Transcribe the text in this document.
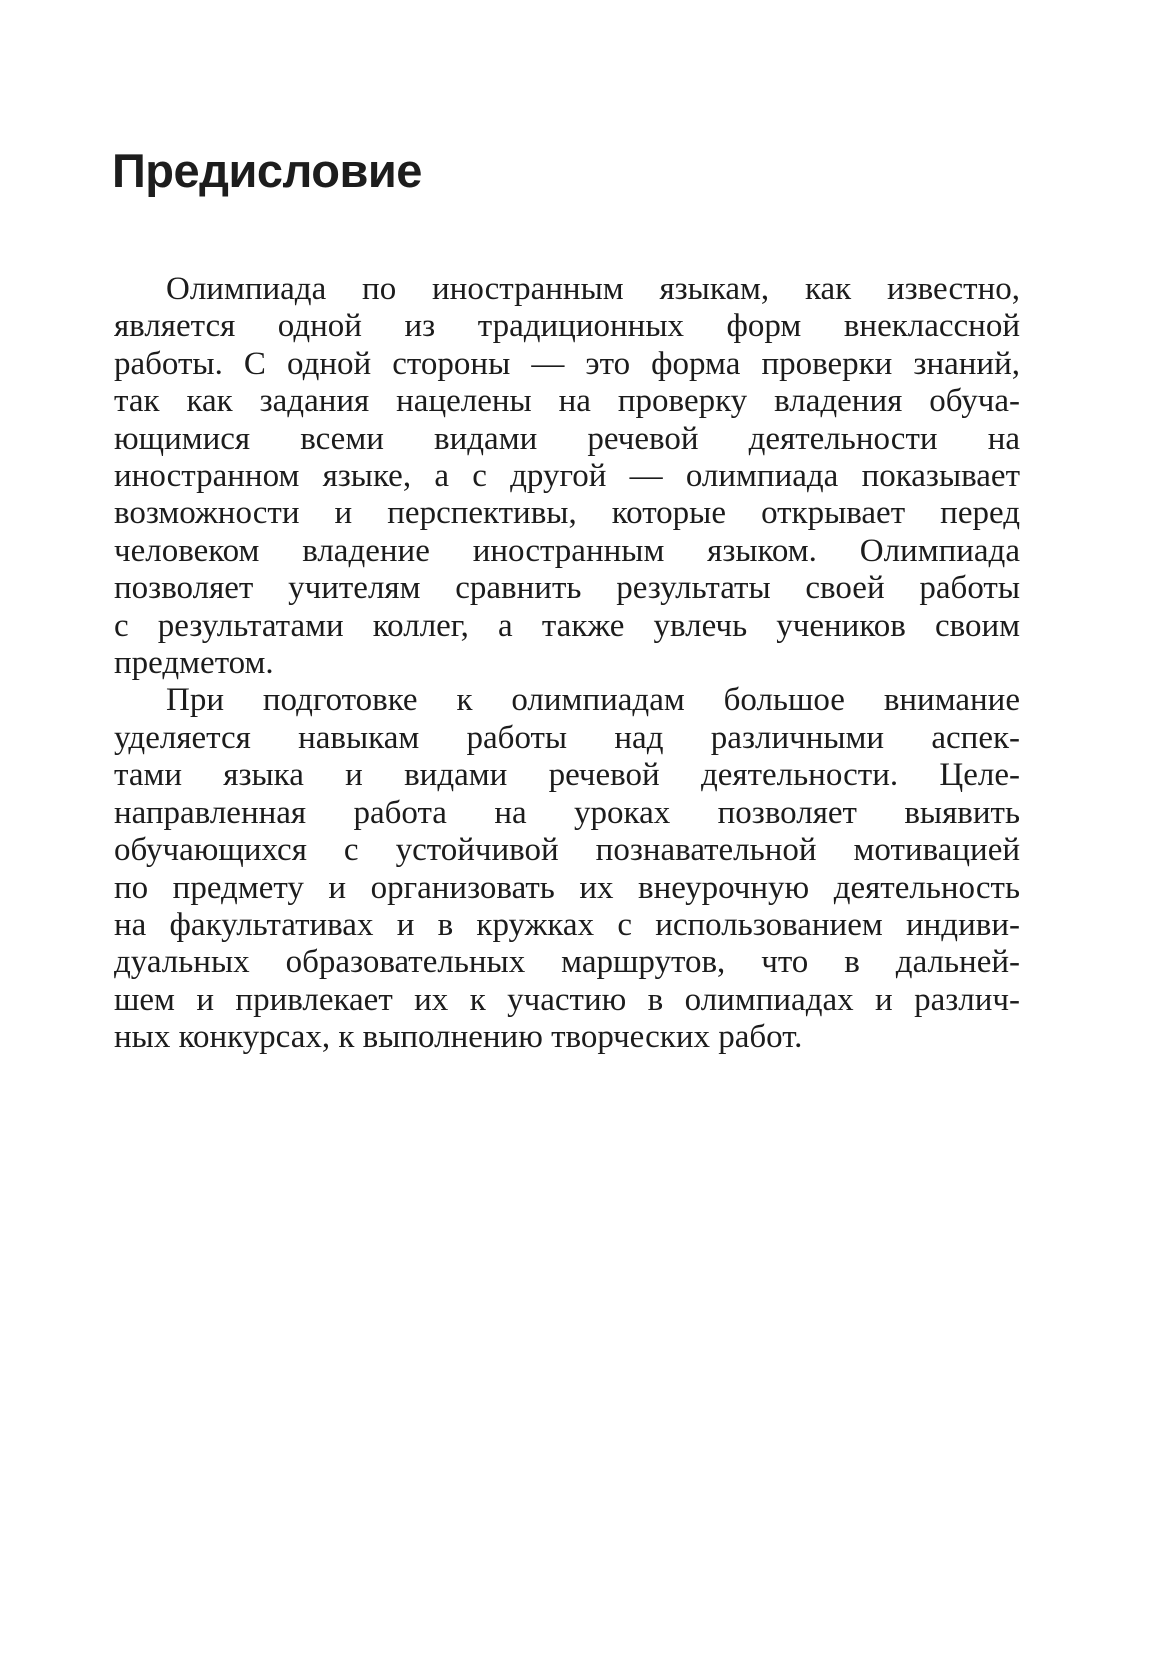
Предисловие

Олимпиада по иностранным языкам, как известно,
является одной из традиционных форм внеклассной
работы. С одной стороны — это форма проверки знаний,
так как задания нацелены на проверку владения обуча-
ющимися всеми видами речевой деятельности на
иностранном языке, а с другой — олимпиада показывает
возможности и перспективы, которые открывает перед
человеком владение иностранным языком. Олимпиада
позволяет учителям сравнить результаты своей работы
с результатами коллег, а также увлечь учеников своим
предметом.

При подготовке к олимпиадам большое внимание
уделяется навыкам работы над различными аспек-
тами языка и видами речевой деятельности. Целе-
направленная работа на уроках позволяет выявить
обучающихся с устойчивой познавательной мотивацией
по предмету и организовать их внеурочную деятельность
на факультативах и в кружках с использованием индиви-
дуальных образовательных маршрутов, что в дальней-
шем и привлекает их к участию в олимпиадах и различ-
ных конкурсах, к выполнению творческих работ.
